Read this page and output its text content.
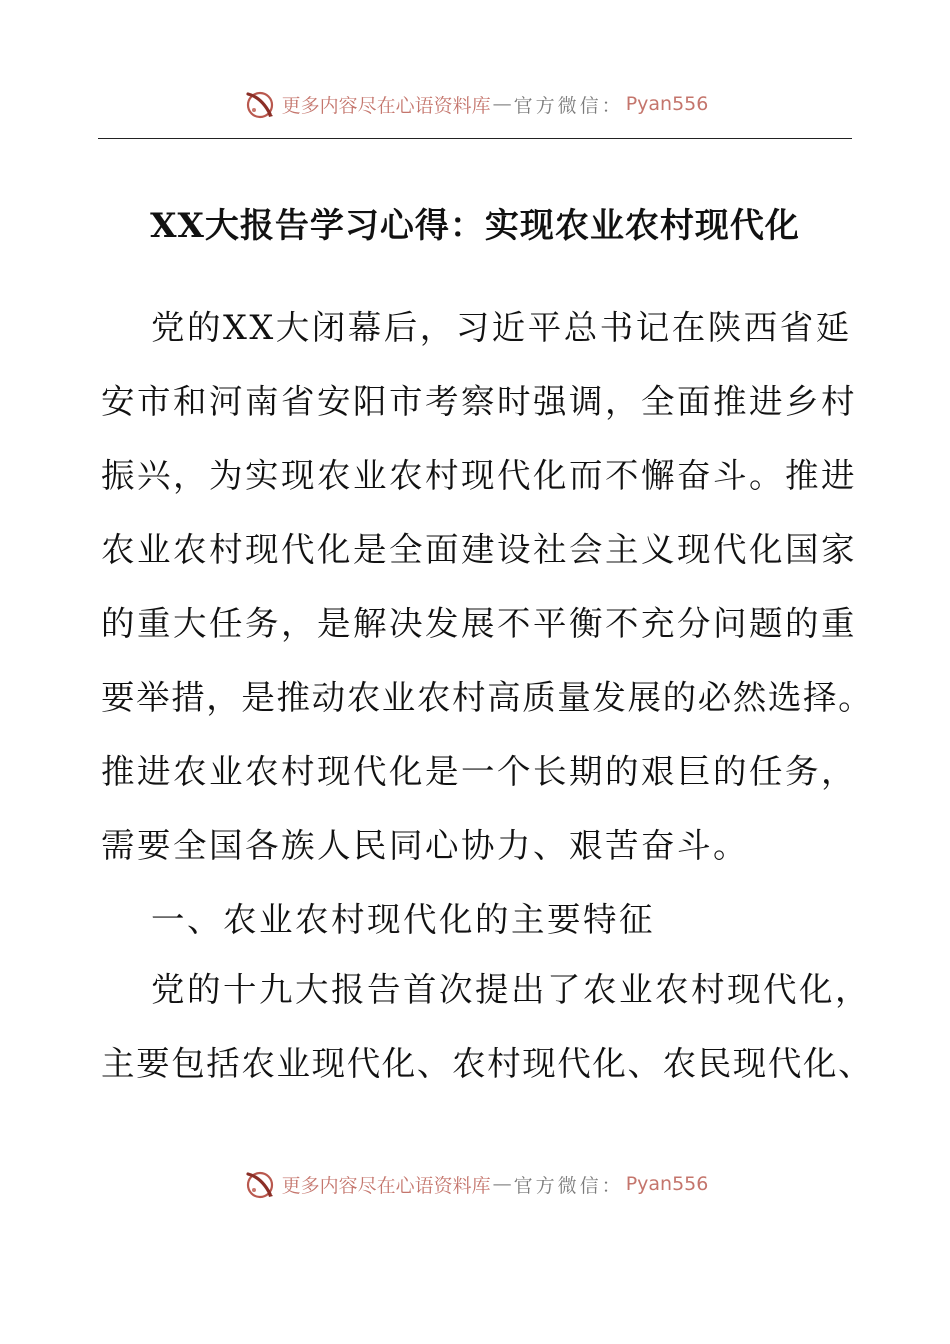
更多内容尽在心语资料库 — 官方微信： Pyan556
XX大报告学习心得：实现农业农村现代化
党的XX大闭幕后，习近平总书记在陕西省延
安市和河南省安阳市考察时强调，全面推进乡村
振兴，为实现农业农村现代化而不懈奋斗。推进
农业农村现代化是全面建设社会主义现代化国家
的重大任务，是解决发展不平衡不充分问题的重
要举措，是推动农业农村高质量发展的必然选择。
推进农业农村现代化是一个长期的艰巨的任务，
需要全国各族人民同心协力、艰苦奋斗。
一、农业农村现代化的主要特征
党的十九大报告首次提出了农业农村现代化，
主要包括农业现代化、农村现代化、农民现代化、
更多内容尽在心语资料库 — 官方微信： Pyan556
